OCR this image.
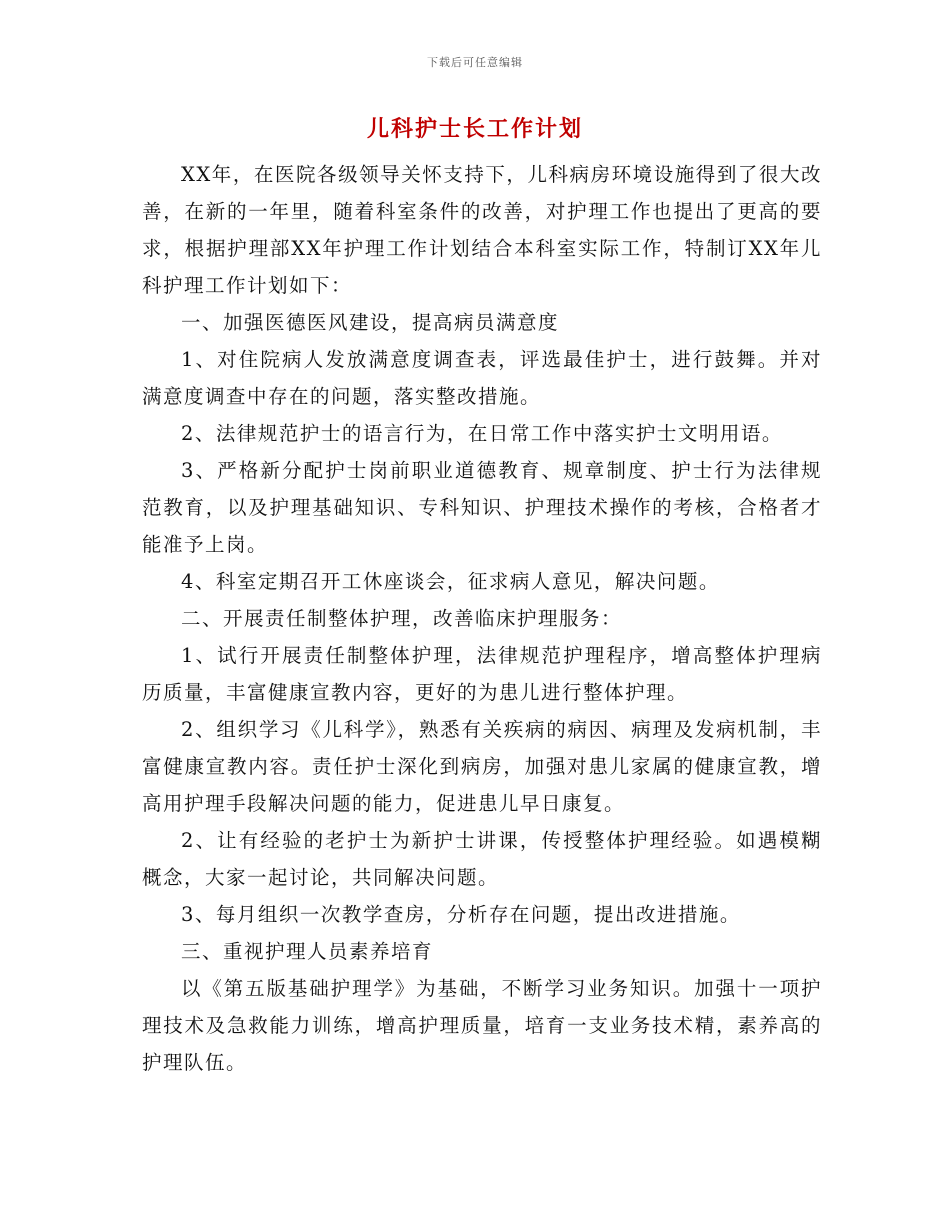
下载后可任意编辑
儿科护士长工作计划

XX年，在医院各级领导关怀支持下，儿科病房环境设施得到了很大改善，在新的一年里，随着科室条件的改善，对护理工作也提出了更高的要求，根据护理部XX年护理工作计划结合本科室实际工作，特制订XX年儿科护理工作计划如下：

一、加强医德医风建设，提高病员满意度

1、对住院病人发放满意度调查表，评选最佳护士，进行鼓舞。并对满意度调查中存在的问题，落实整改措施。

2、法律规范护士的语言行为，在日常工作中落实护士文明用语。

3、严格新分配护士岗前职业道德教育、规章制度、护士行为法律规范教育，以及护理基础知识、专科知识、护理技术操作的考核，合格者才能准予上岗。

4、科室定期召开工休座谈会，征求病人意见，解决问题。

二、开展责任制整体护理，改善临床护理服务：

1、试行开展责任制整体护理，法律规范护理程序，增高整体护理病历质量，丰富健康宣教内容，更好的为患儿进行整体护理。

2、组织学习《儿科学》，熟悉有关疾病的病因、病理及发病机制，丰富健康宣教内容。责任护士深化到病房，加强对患儿家属的健康宣教，增高用护理手段解决问题的能力，促进患儿早日康复。

2、让有经验的老护士为新护士讲课，传授整体护理经验。如遇模糊概念，大家一起讨论，共同解决问题。

3、每月组织一次教学查房，分析存在问题，提出改进措施。

三、重视护理人员素养培育

以《第五版基础护理学》为基础，不断学习业务知识。加强十一项护理技术及急救能力训练，增高护理质量，培育一支业务技术精，素养高的护理队伍。
